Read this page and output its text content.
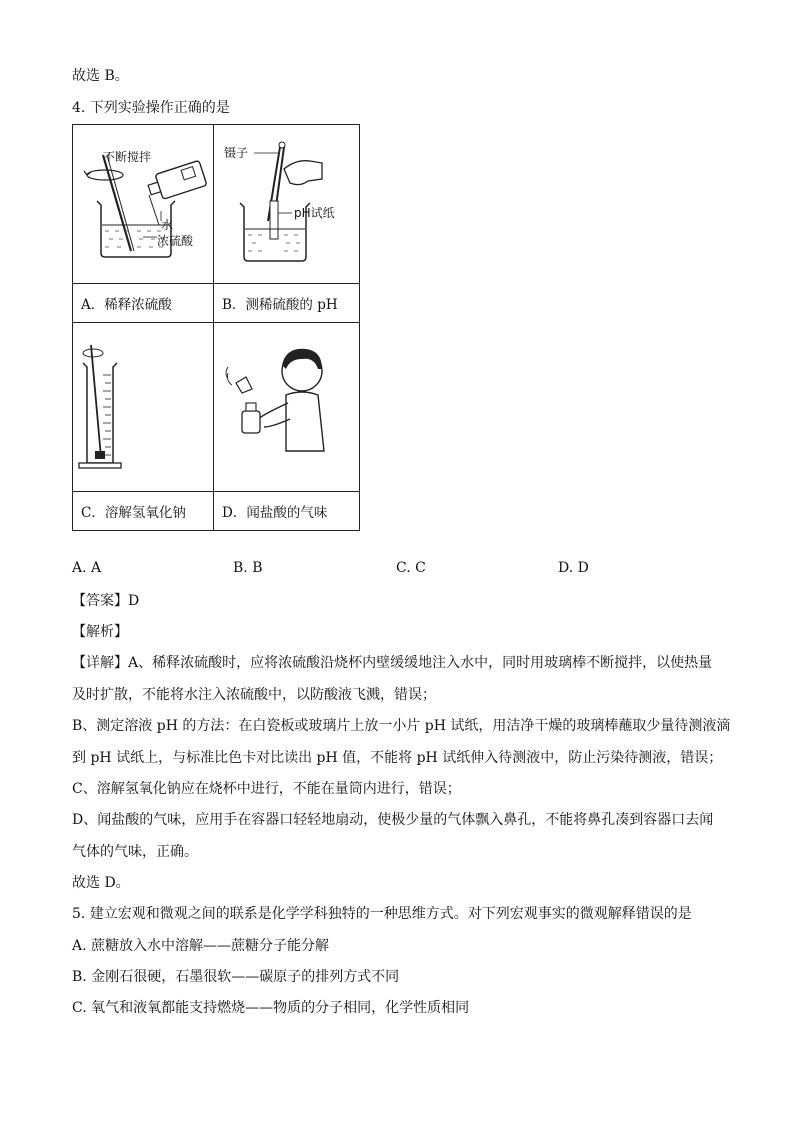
故选 B。
4. 下列实验操作正确的是
不断搅拌
水
浓硫酸	镊子
pH试纸

A．稀释浓硫酸	B．测稀硫酸的 pH

C．溶解氢氧化钠	D．闻盐酸的气味
A. A	B. B	C. C	D. D
【答案】D
【解析】
【详解】A、稀释浓硫酸时，应将浓硫酸沿烧杯内壁缓缓地注入水中，同时用玻璃棒不断搅拌，以使热量
及时扩散，不能将水注入浓硫酸中，以防酸液飞溅，错误；
B、测定溶液 pH 的方法：在白瓷板或玻璃片上放一小片 pH 试纸，用洁净干燥的玻璃棒蘸取少量待测液滴
到 pH 试纸上，与标准比色卡对比读出 pH 值，不能将 pH 试纸伸入待测液中，防止污染待测液，错误；
C、溶解氢氧化钠应在烧杯中进行，不能在量筒内进行，错误；
D、闻盐酸的气味，应用手在容器口轻轻地扇动，使极少量的气体飘入鼻孔，不能将鼻孔凑到容器口去闻
气体的气味，正确。
故选 D。
5. 建立宏观和微观之间的联系是化学学科独特的一种思维方式。对下列宏观事实的微观解释错误的是
A. 蔗糖放入水中溶解——蔗糖分子能分解
B. 金刚石很硬，石墨很软——碳原子的排列方式不同
C. 氧气和液氧都能支持燃烧——物质的分子相同，化学性质相同
